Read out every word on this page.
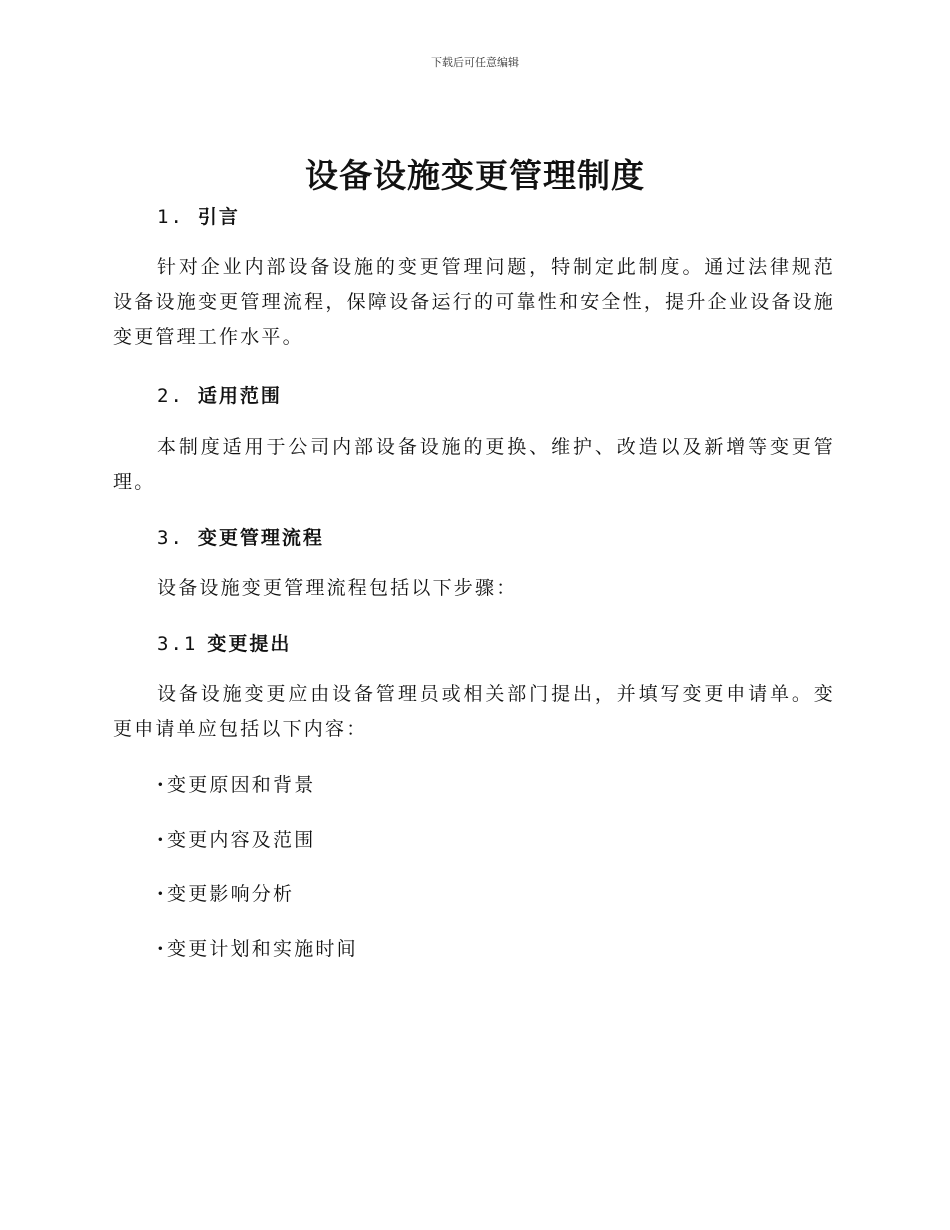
下载后可任意编辑
设备设施变更管理制度
1. 引言

针对企业内部设备设施的变更管理问题，特制定此制度。通过法律规范设备设施变更管理流程，保障设备运行的可靠性和安全性，提升企业设备设施变更管理工作水平。

2. 适用范围

本制度适用于公司内部设备设施的更换、维护、改造以及新增等变更管理。

3. 变更管理流程

设备设施变更管理流程包括以下步骤：

3.1 变更提出

设备设施变更应由设备管理员或相关部门提出，并填写变更申请单。变更申请单应包括以下内容：

·变更原因和背景

·变更内容及范围

·变更影响分析

·变更计划和实施时间
